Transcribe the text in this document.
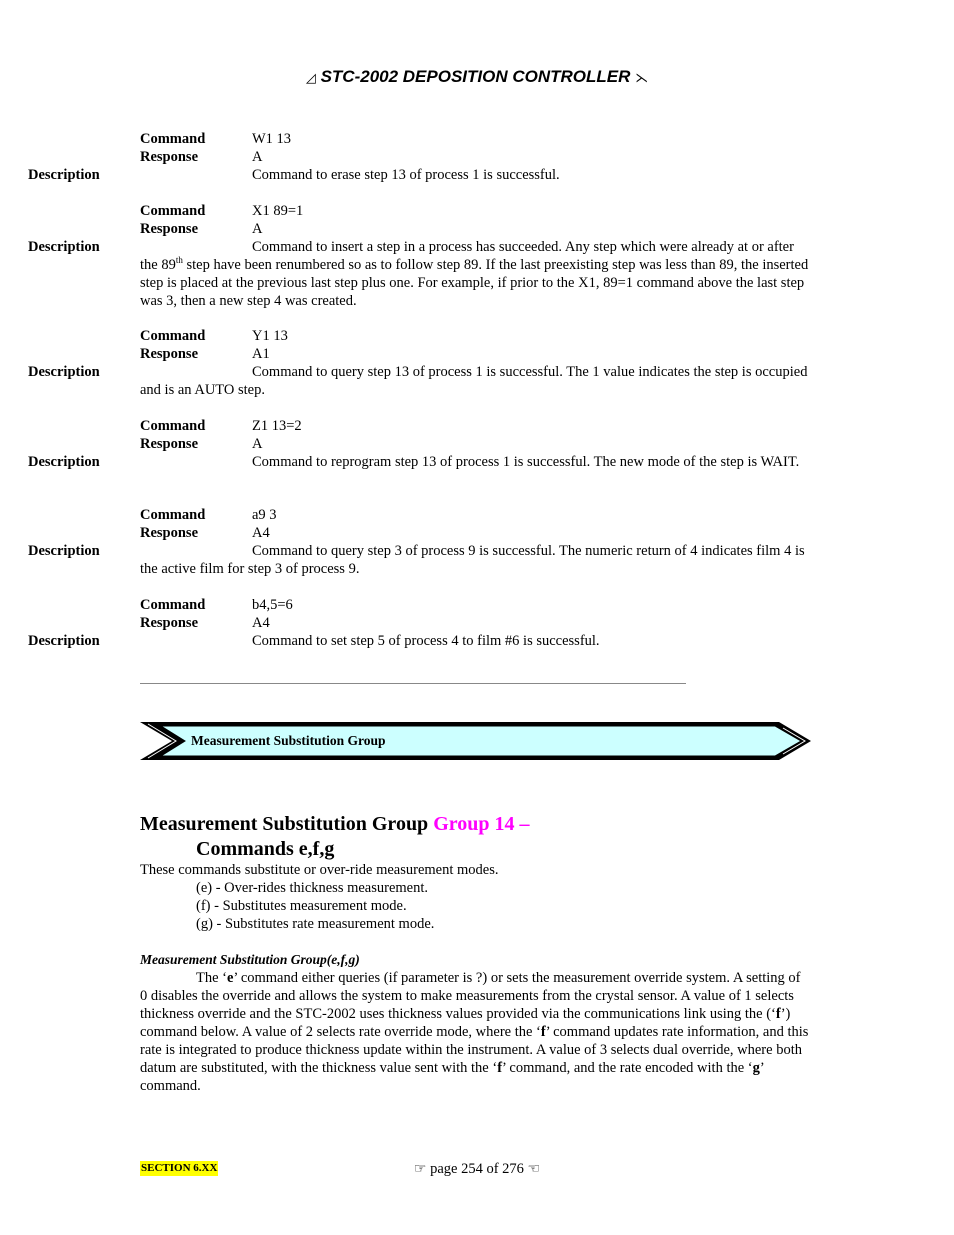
◿ STC-2002 DEPOSITION CONTROLLER ⋋
Command	W1 13
Response	A
Description	Command to erase step 13 of process 1 is successful.
Command	X1 89=1
Response	A
Description	Command to insert a step in a process has succeeded. Any step which were already at or after the 89th step have been renumbered so as to follow step 89. If the last preexisting step was less than 89, the inserted step is placed at the previous last step plus one. For example, if prior to the X1, 89=1 command above the last step was 3, then a new step 4 was created.
Command	Y1 13
Response	A1
Description	Command to query step 13 of process 1 is successful. The 1 value indicates the step is occupied and is an AUTO step.
Command	Z1 13=2
Response	A
Description	Command to reprogram step 13 of process 1 is successful. The new mode of the step is WAIT.
Command	a9 3
Response	A4
Description	Command to query step 3 of process 9 is successful. The numeric return of 4 indicates film 4 is the active film for step 3 of process 9.
Command	b4,5=6
Response	A4
Description	Command to set step 5 of process 4 to film #6 is successful.
Measurement Substitution Group
Measurement Substitution Group Group 14 –
Commands e,f,g
These commands substitute or over-ride measurement modes.
(e) - Over-rides thickness measurement.
(f) - Substitutes measurement mode.
(g) - Substitutes rate measurement mode.
Measurement Substitution Group(e,f,g)
The ‘e’ command either queries (if parameter is ?) or sets the measurement override system. A setting of 0 disables the override and allows the system to make measurements from the crystal sensor. A value of 1 selects thickness override and the STC-2002 uses thickness values provided via the communications link using the (‘f’) command below. A value of 2 selects rate override mode, where the ‘f’ command updates rate information, and this rate is integrated to produce thickness update within the instrument. A value of 3 selects dual override, where both datum are substituted, with the thickness value sent with the ‘f’ command, and the rate encoded with the ‘g’ command.
SECTION 6.XX	☞ page 254 of 276 ☜
